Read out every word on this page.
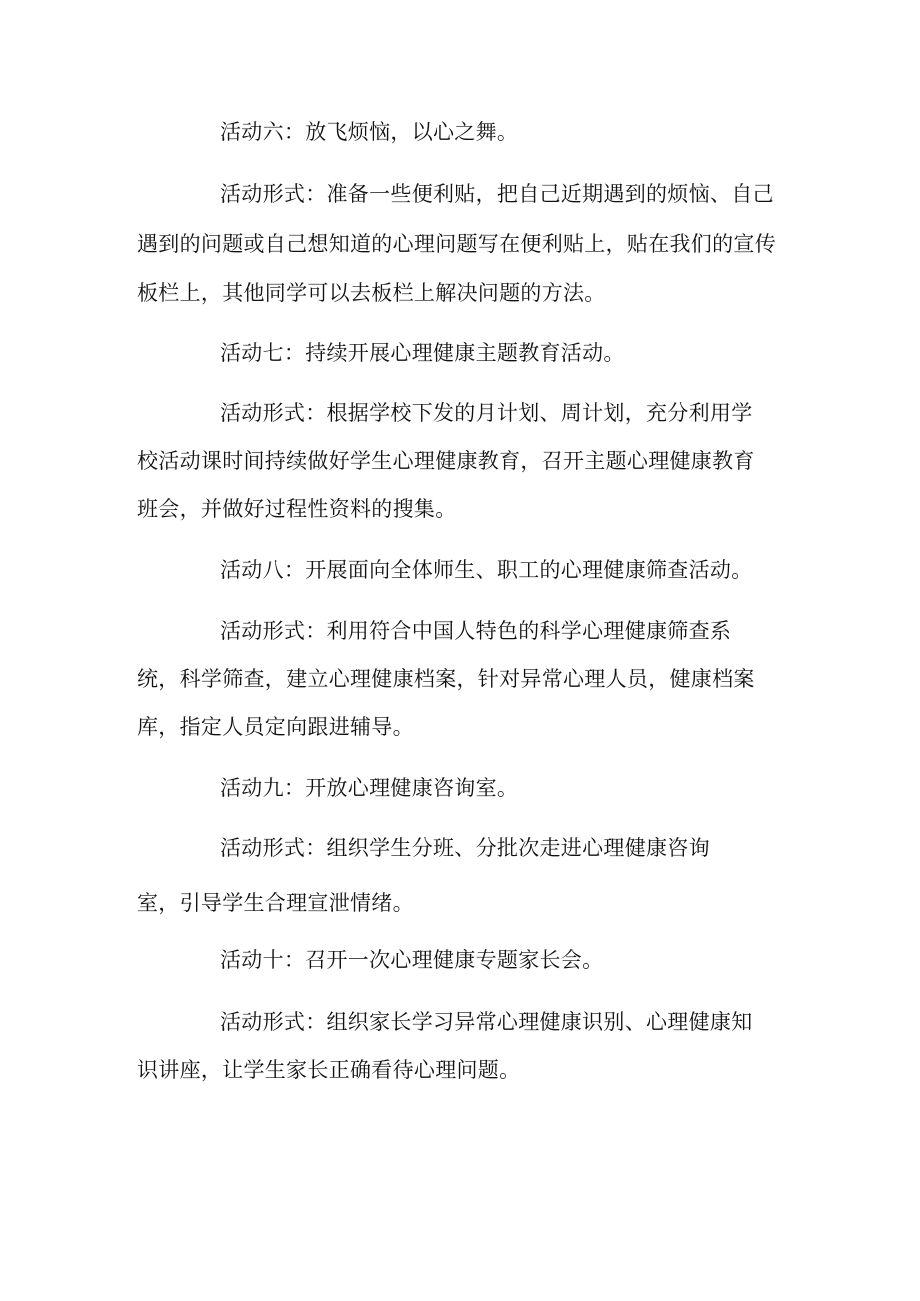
活动六：放飞烦恼，以心之舞。
活动形式：准备一些便利贴，把自己近期遇到的烦恼、自己
遇到的问题或自己想知道的心理问题写在便利贴上，贴在我们的宣传
板栏上，其他同学可以去板栏上解决问题的方法。
活动七：持续开展心理健康主题教育活动。
活动形式：根据学校下发的月计划、周计划，充分利用学
校活动课时间持续做好学生心理健康教育，召开主题心理健康教育
班会，并做好过程性资料的搜集。
活动八：开展面向全体师生、职工的心理健康筛查活动。
活动形式：利用符合中国人特色的科学心理健康筛查系
统，科学筛查，建立心理健康档案，针对异常心理人员，健康档案
库，指定人员定向跟进辅导。
活动九：开放心理健康咨询室。
活动形式：组织学生分班、分批次走进心理健康咨询
室，引导学生合理宣泄情绪。
活动十：召开一次心理健康专题家长会。
活动形式：组织家长学习异常心理健康识别、心理健康知
识讲座，让学生家长正确看待心理问题。
